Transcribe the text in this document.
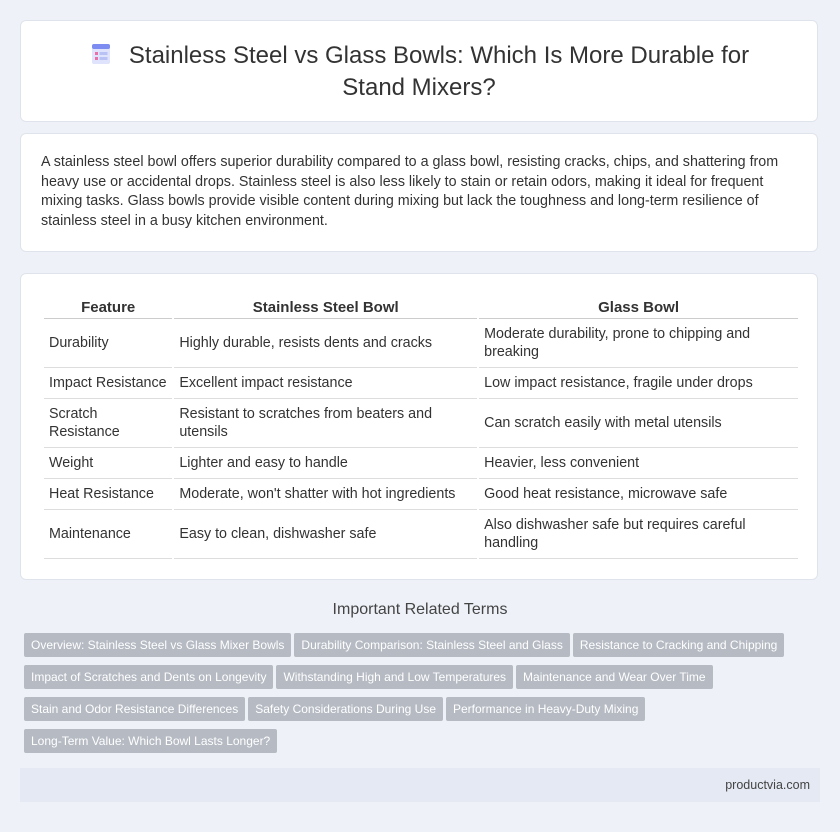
Stainless Steel vs Glass Bowls: Which Is More Durable for Stand Mixers?

A stainless steel bowl offers superior durability compared to a glass bowl, resisting cracks, chips, and shattering from heavy use or accidental drops. Stainless steel is also less likely to stain or retain odors, making it ideal for frequent mixing tasks. Glass bowls provide visible content during mixing but lack the toughness and long-term resilience of stainless steel in a busy kitchen environment.

Feature	Stainless Steel Bowl	Glass Bowl
Durability	Highly durable, resists dents and cracks	Moderate durability, prone to chipping and breaking
Impact Resistance	Excellent impact resistance	Low impact resistance, fragile under drops
Scratch Resistance	Resistant to scratches from beaters and utensils	Can scratch easily with metal utensils
Weight	Lighter and easy to handle	Heavier, less convenient
Heat Resistance	Moderate, won't shatter with hot ingredients	Good heat resistance, microwave safe
Maintenance	Easy to clean, dishwasher safe	Also dishwasher safe but requires careful handling
Important Related Terms
Overview: Stainless Steel vs Glass Mixer Bowls Durability Comparison: Stainless Steel and Glass Resistance to Cracking and Chipping
Impact of Scratches and Dents on Longevity Withstanding High and Low Temperatures Maintenance and Wear Over Time
Stain and Odor Resistance Differences Safety Considerations During Use Performance in Heavy-Duty Mixing
Long-Term Value: Which Bowl Lasts Longer?
productvia.com
